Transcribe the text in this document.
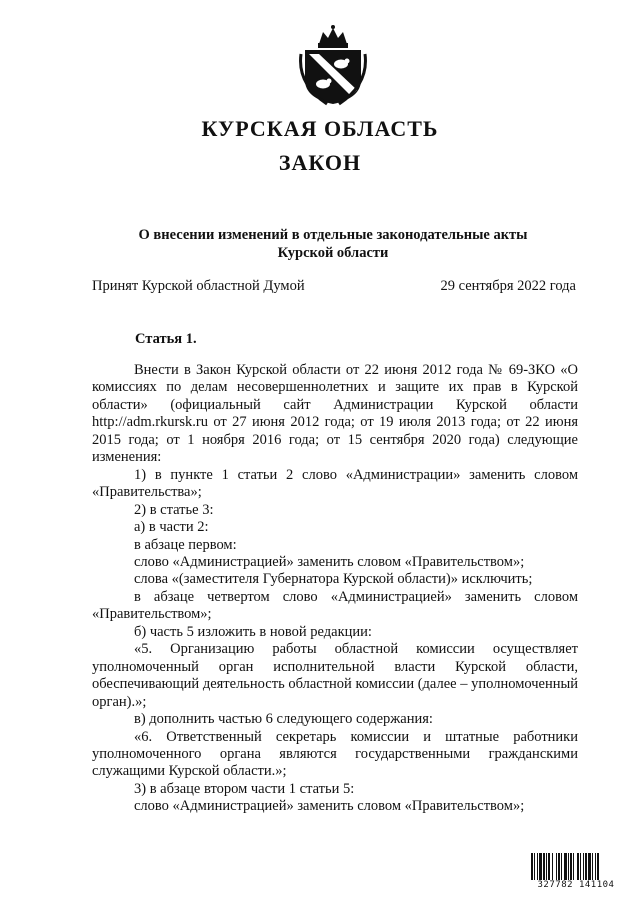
КУРСКАЯ ОБЛАСТЬ
ЗАКОН
О внесении изменений в отдельные законодательные акты
Курской области
Принят Курской областной Думой	29 сентября 2022 года
Статья 1.

Внести в Закон Курской области от 22 июня 2012 года № 69-ЗКО «О комиссиях по делам несовершеннолетних и защите их прав в Курской области» (официальный сайт Администрации Курской области http://adm.rkursk.ru от 27 июня 2012 года; от 19 июля 2013 года; от 22 июня 2015 года; от 1 ноября 2016 года; от 15 сентября 2020 года) следующие изменения:

1) в пункте 1 статьи 2 слово «Администрации» заменить словом «Правительства»;

2) в статье 3:

а) в части 2:

в абзаце первом:

слово «Администрацией» заменить словом «Правительством»;

слова «(заместителя Губернатора Курской области)» исключить;

в абзаце четвертом слово «Администрацией» заменить словом «Правительством»;

б) часть 5 изложить в новой редакции:

«5. Организацию работы областной комиссии осуществляет уполномоченный орган исполнительной власти Курской области, обеспечивающий деятельность областной комиссии (далее – уполномоченный орган).»;

в) дополнить частью 6 следующего содержания:

«6. Ответственный секретарь комиссии и штатные работники уполномоченного органа являются государственными гражданскими служащими Курской области.»;

3) в абзаце втором части 1 статьи 5:

слово «Администрацией» заменить словом «Правительством»;

327782 141104
